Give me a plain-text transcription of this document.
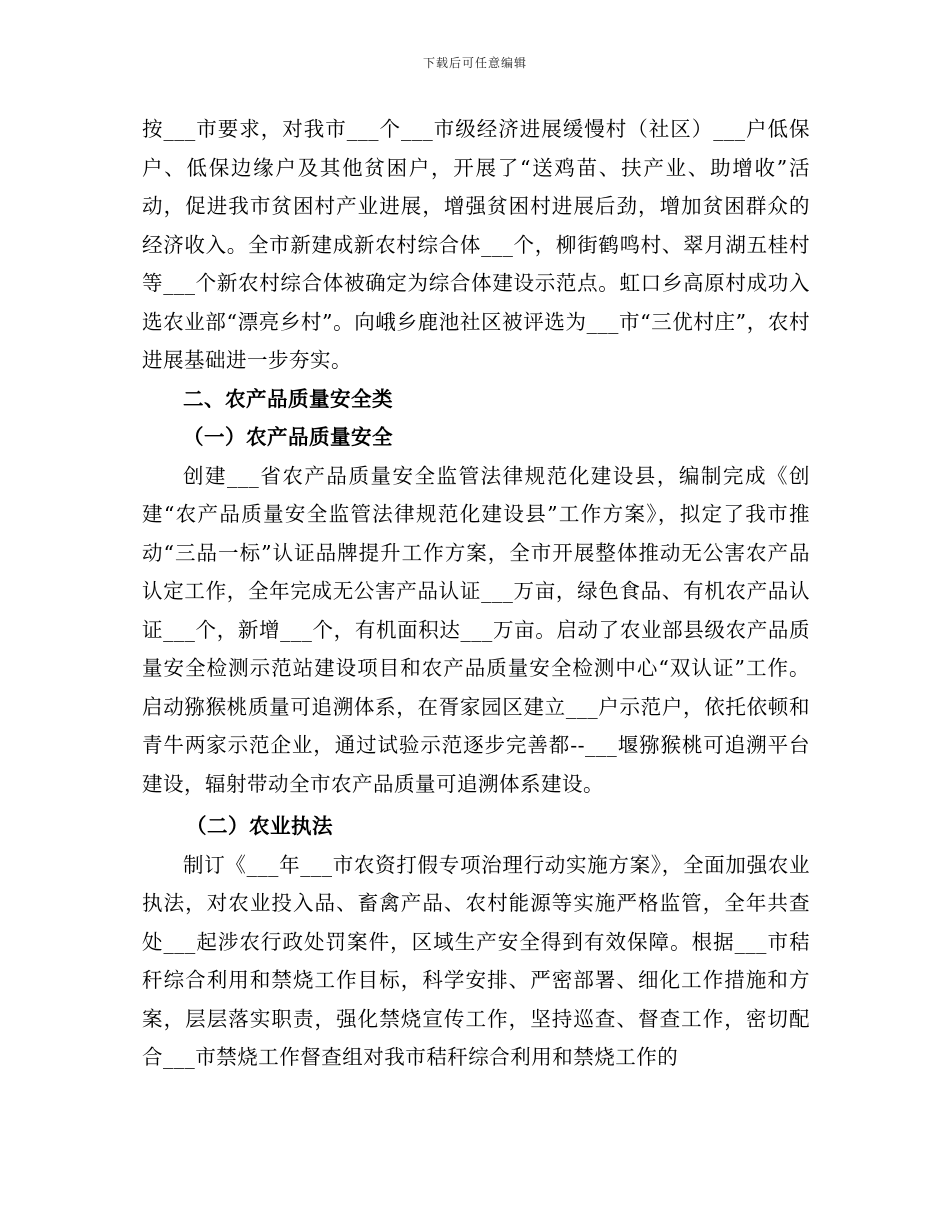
下载后可任意编辑

按___市要求，对我市___个___市级经济进展缓慢村（社区）___户低保户、低保边缘户及其他贫困户，开展了“送鸡苗、扶产业、助增收”活动，促进我市贫困村产业进展，增强贫困村进展后劲，增加贫困群众的经济收入。全市新建成新农村综合体___个，柳街鹤鸣村、翠月湖五桂村等___个新农村综合体被确定为综合体建设示范点。虹口乡高原村成功入选农业部“漂亮乡村”。向峨乡鹿池社区被评选为___市“三优村庄”，农村进展基础进一步夯实。

二、农产品质量安全类

（一）农产品质量安全

创建___省农产品质量安全监管法律规范化建设县，编制完成《创建“农产品质量安全监管法律规范化建设县”工作方案》，拟定了我市推动“三品一标”认证品牌提升工作方案，全市开展整体推动无公害农产品认定工作，全年完成无公害产品认证___万亩，绿色食品、有机农产品认证___个，新增___个，有机面积达___万亩。启动了农业部县级农产品质量安全检测示范站建设项目和农产品质量安全检测中心“双认证”工作。启动猕猴桃质量可追溯体系，在胥家园区建立___户示范户，依托依顿和青牛两家示范企业，通过试验示范逐步完善都--___堰猕猴桃可追溯平台建设，辐射带动全市农产品质量可追溯体系建设。

（二）农业执法

制订《___年___市农资打假专项治理行动实施方案》，全面加强农业执法，对农业投入品、畜禽产品、农村能源等实施严格监管，全年共查处___起涉农行政处罚案件，区域生产安全得到有效保障。根据___市秸秆综合利用和禁烧工作目标，科学安排、严密部署、细化工作措施和方案，层层落实职责，强化禁烧宣传工作，坚持巡查、督查工作，密切配合___市禁烧工作督查组对我市秸秆综合利用和禁烧工作的
